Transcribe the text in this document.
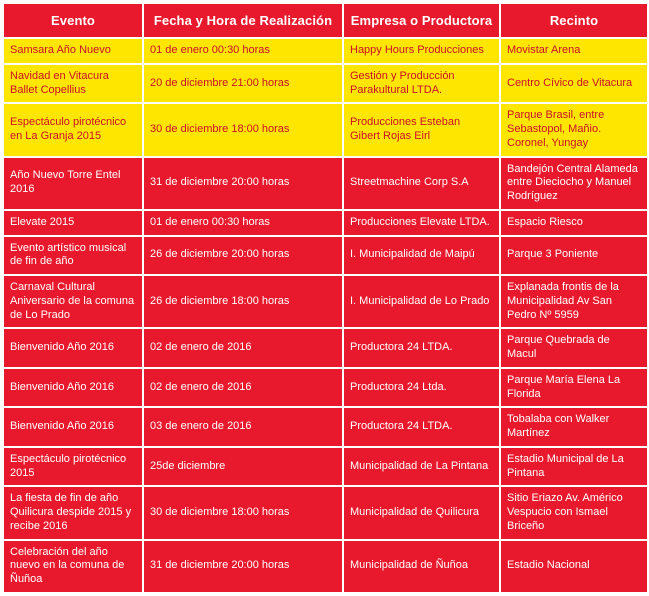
Evento	Fecha y Hora de Realización	Empresa o Productora	Recinto
Samsara Año Nuevo	01 de enero 00:30 horas	Happy Hours Producciones	Movistar Arena
Navidad en Vitacura Ballet Copellius	20 de diciembre 21:00 horas	Gestión y Producción Parakultural LTDA.	Centro Cívico de Vitacura
Espectáculo pirotécnico en La Granja 2015	30 de diciembre 18:00 horas	Producciones Esteban Gibert Rojas Eirl	Parque Brasil, entre Sebastopol, Mañio. Coronel, Yungay
Año Nuevo Torre Entel 2016	31 de diciembre 20:00 horas	Streetmachine Corp S.A	Bandejón Central Alameda entre Dieciocho y Manuel Rodríguez
Elevate 2015	01 de enero 00:30 horas	Producciones Elevate LTDA.	Espacio Riesco
Evento artístico musical de fin de año	26 de diciembre 20:00 horas	I. Municipalidad de Maipú	Parque 3 Poniente
Carnaval Cultural Aniversario de la comuna de Lo Prado	26 de diciembre 18:00 horas	I. Municipalidad de Lo Prado	Explanada frontis de la Municipalidad Av San Pedro Nº 5959
Bienvenido Año 2016	02 de enero de 2016	Productora 24 LTDA.	Parque Quebrada de Macul
Bienvenido Año 2016	02 de enero de 2016	Productora 24 Ltda.	Parque María Elena La Florida
Bienvenido Año 2016	03 de enero de 2016	Productora 24 LTDA.	Tobalaba con Walker Martínez
Espectáculo pirotécnico 2015	25de diciembre	Municipalidad de La Pintana	Estadio Municipal de La Pintana
La fiesta de fin de año Quilicura despide 2015 y recibe 2016	30 de diciembre 18:00 horas	Municipalidad de Quilicura	Sitio Eriazo Av. Américo Vespucio con Ismael Briceño
Celebración del año nuevo en la comuna de Ñuñoa	31 de diciembre 20:00 horas	Municipalidad de Ñuñoa	Estadio Nacional
